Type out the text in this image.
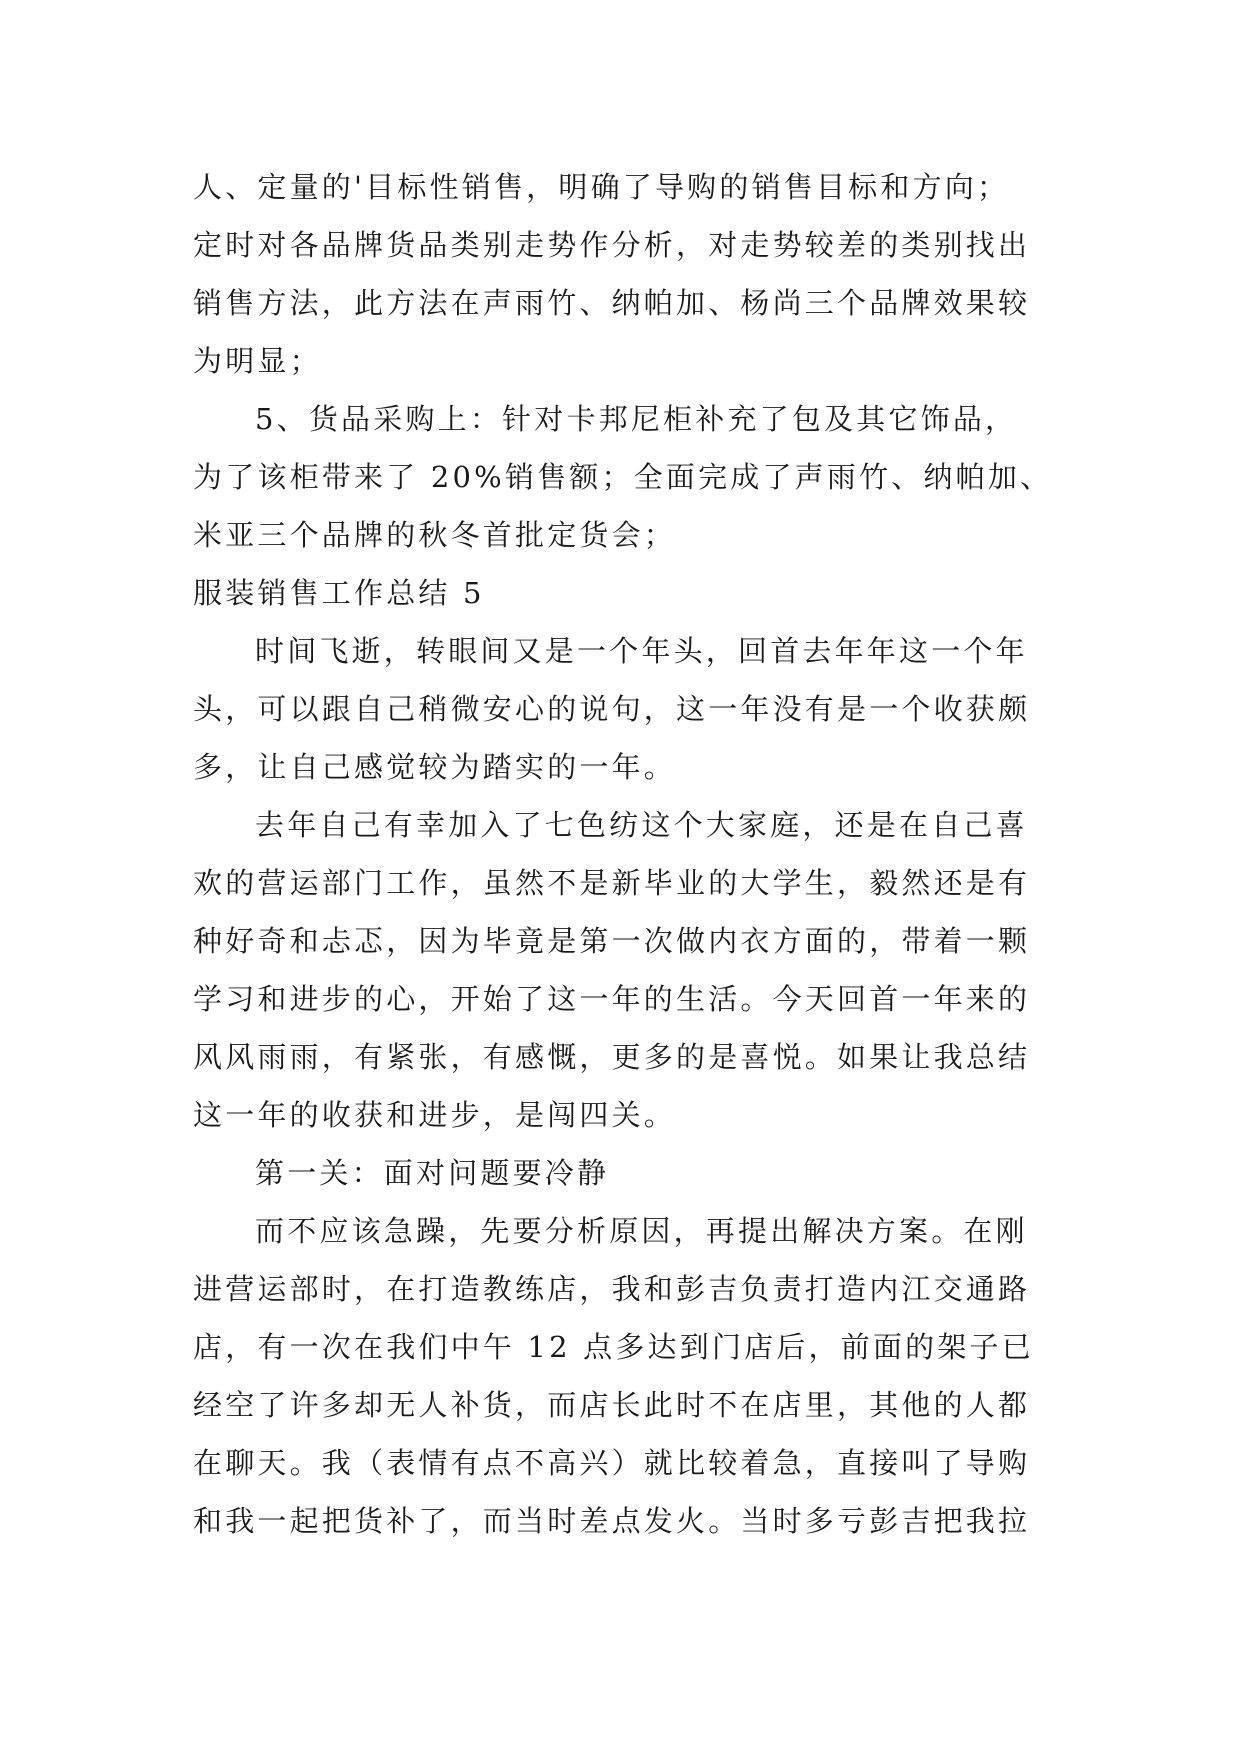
人、定量的'目标性销售，明确了导购的销售目标和方向；
定时对各品牌货品类别走势作分析，对走势较差的类别找出
销售方法，此方法在声雨竹、纳帕加、杨尚三个品牌效果较
为明显；
5、货品采购上：针对卡邦尼柜补充了包及其它饰品，
为了该柜带来了 20%销售额；全面完成了声雨竹、纳帕加、
米亚三个品牌的秋冬首批定货会；
服装销售工作总结 5
时间飞逝，转眼间又是一个年头，回首去年年这一个年
头，可以跟自己稍微安心的说句，这一年没有是一个收获颇
多，让自己感觉较为踏实的一年。
去年自己有幸加入了七色纺这个大家庭，还是在自己喜
欢的营运部门工作，虽然不是新毕业的大学生，毅然还是有
种好奇和忐忑，因为毕竟是第一次做内衣方面的，带着一颗
学习和进步的心，开始了这一年的生活。今天回首一年来的
风风雨雨，有紧张，有感慨，更多的是喜悦。如果让我总结
这一年的收获和进步，是闯四关。
第一关：面对问题要冷静
而不应该急躁，先要分析原因，再提出解决方案。在刚
进营运部时，在打造教练店，我和彭吉负责打造内江交通路
店，有一次在我们中午 12 点多达到门店后，前面的架子已
经空了许多却无人补货，而店长此时不在店里，其他的人都
在聊天。我（表情有点不高兴）就比较着急，直接叫了导购
和我一起把货补了，而当时差点发火。当时多亏彭吉把我拉
